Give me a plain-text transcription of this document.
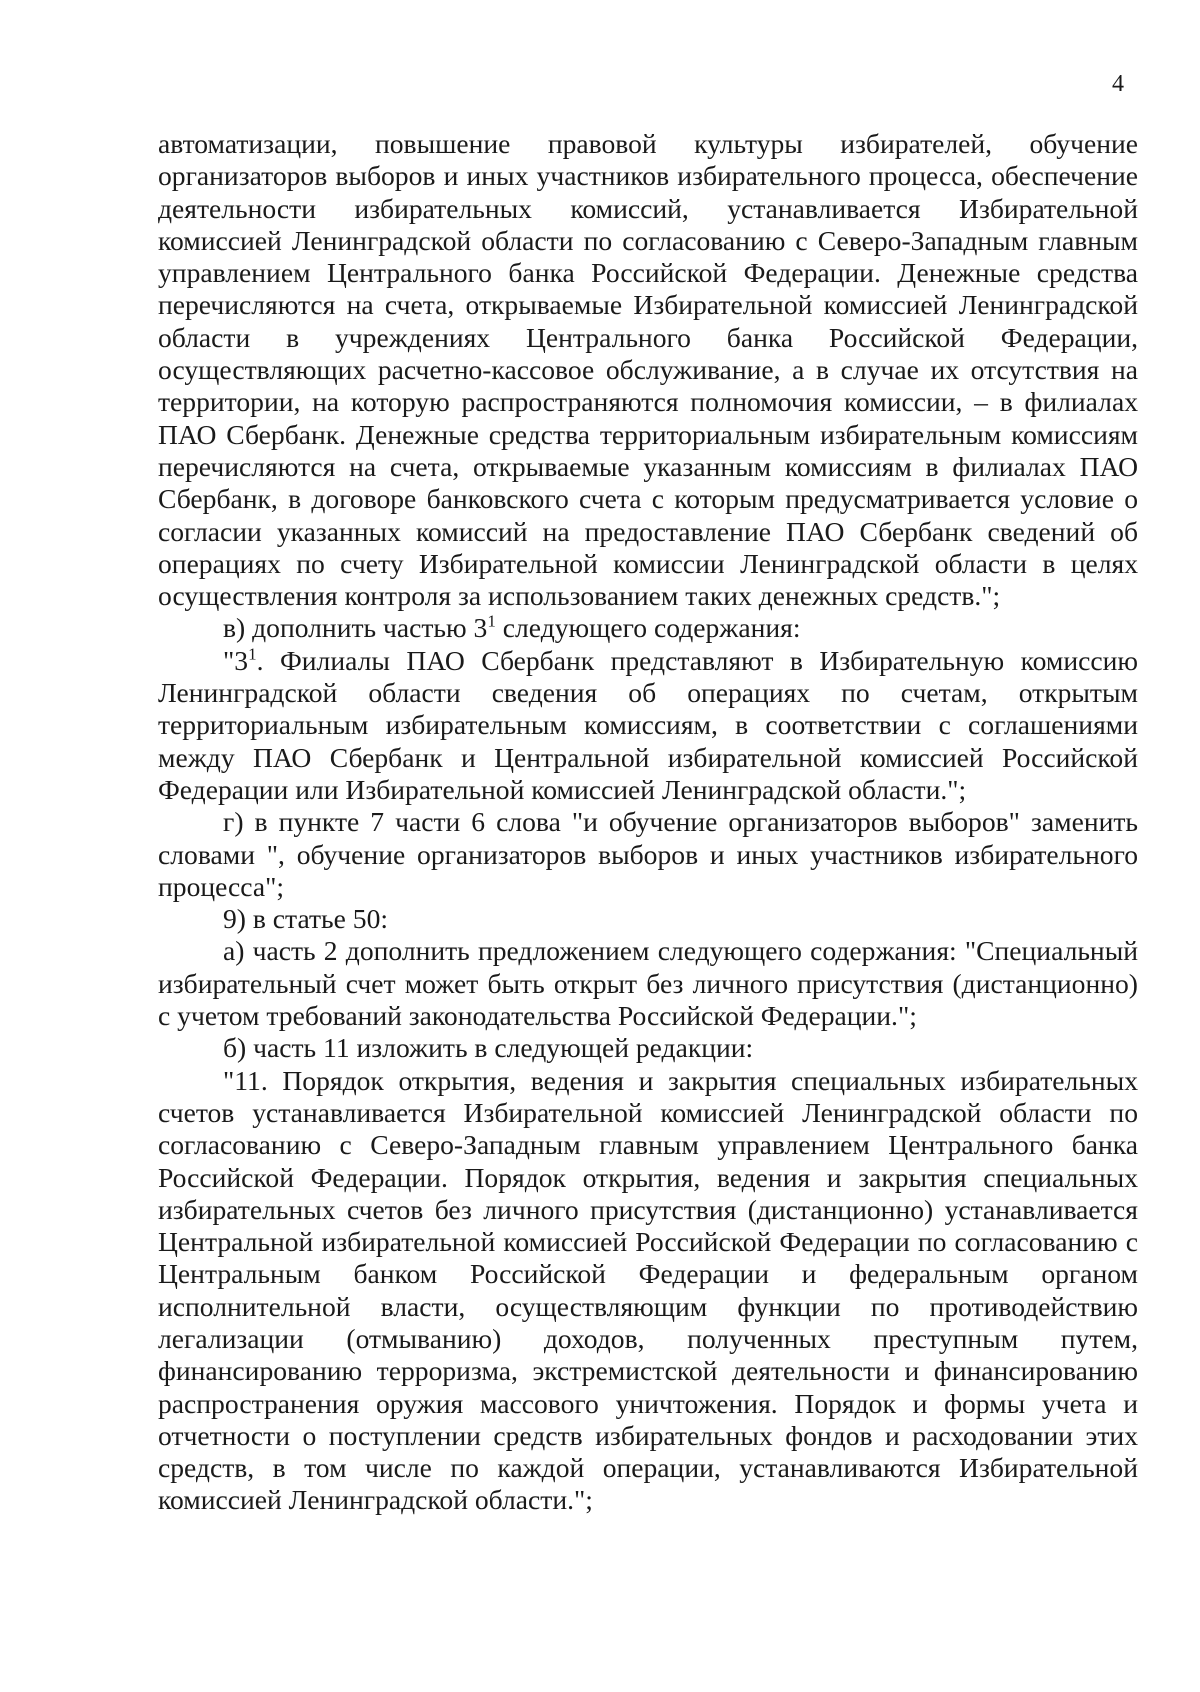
4

автоматизации, повышение правовой культуры избирателей, обучение организаторов выборов и иных участников избирательного процесса, обеспечение деятельности избирательных комиссий, устанавливается Избирательной комиссией Ленинградской области по согласованию с Северо-Западным главным управлением Центрального банка Российской Федерации. Денежные средства перечисляются на счета, открываемые Избирательной комиссией Ленинградской области в учреждениях Центрального банка Российской Федерации, осуществляющих расчетно-кассовое обслуживание, а в случае их отсутствия на территории, на которую распространяются полномочия комиссии, – в филиалах ПАО Сбербанк. Денежные средства территориальным избирательным комиссиям перечисляются на счета, открываемые указанным комиссиям в филиалах ПАО Сбербанк, в договоре банковского счета с которым предусматривается условие о согласии указанных комиссий на предоставление ПАО Сбербанк сведений об операциях по счету Избирательной комиссии Ленинградской области в целях осуществления контроля за использованием таких денежных средств.";

в) дополнить частью $3^1$ следующего содержания:

"$3^1$. Филиалы ПАО Сбербанк представляют в Избирательную комиссию Ленинградской области сведения об операциях по счетам, открытым территориальным избирательным комиссиям, в соответствии с соглашениями между ПАО Сбербанк и Центральной избирательной комиссией Российской Федерации или Избирательной комиссией Ленинградской области.";

г) в пункте 7 части 6 слова "и обучение организаторов выборов" заменить словами ", обучение организаторов выборов и иных участников избирательного процесса";

9) в статье 50:

а) часть 2 дополнить предложением следующего содержания: "Специальный избирательный счет может быть открыт без личного присутствия (дистанционно) с учетом требований законодательства Российской Федерации.";

б) часть 11 изложить в следующей редакции:

"11. Порядок открытия, ведения и закрытия специальных избирательных счетов устанавливается Избирательной комиссией Ленинградской области по согласованию с Северо-Западным главным управлением Центрального банка Российской Федерации. Порядок открытия, ведения и закрытия специальных избирательных счетов без личного присутствия (дистанционно) устанавливается Центральной избирательной комиссией Российской Федерации по согласованию с Центральным банком Российской Федерации и федеральным органом исполнительной власти, осуществляющим функции по противодействию легализации (отмыванию) доходов, полученных преступным путем, финансированию терроризма, экстремистской деятельности и финансированию распространения оружия массового уничтожения. Порядок и формы учета и отчетности о поступлении средств избирательных фондов и расходовании этих средств, в том числе по каждой операции, устанавливаются Избирательной комиссией Ленинградской области.";
